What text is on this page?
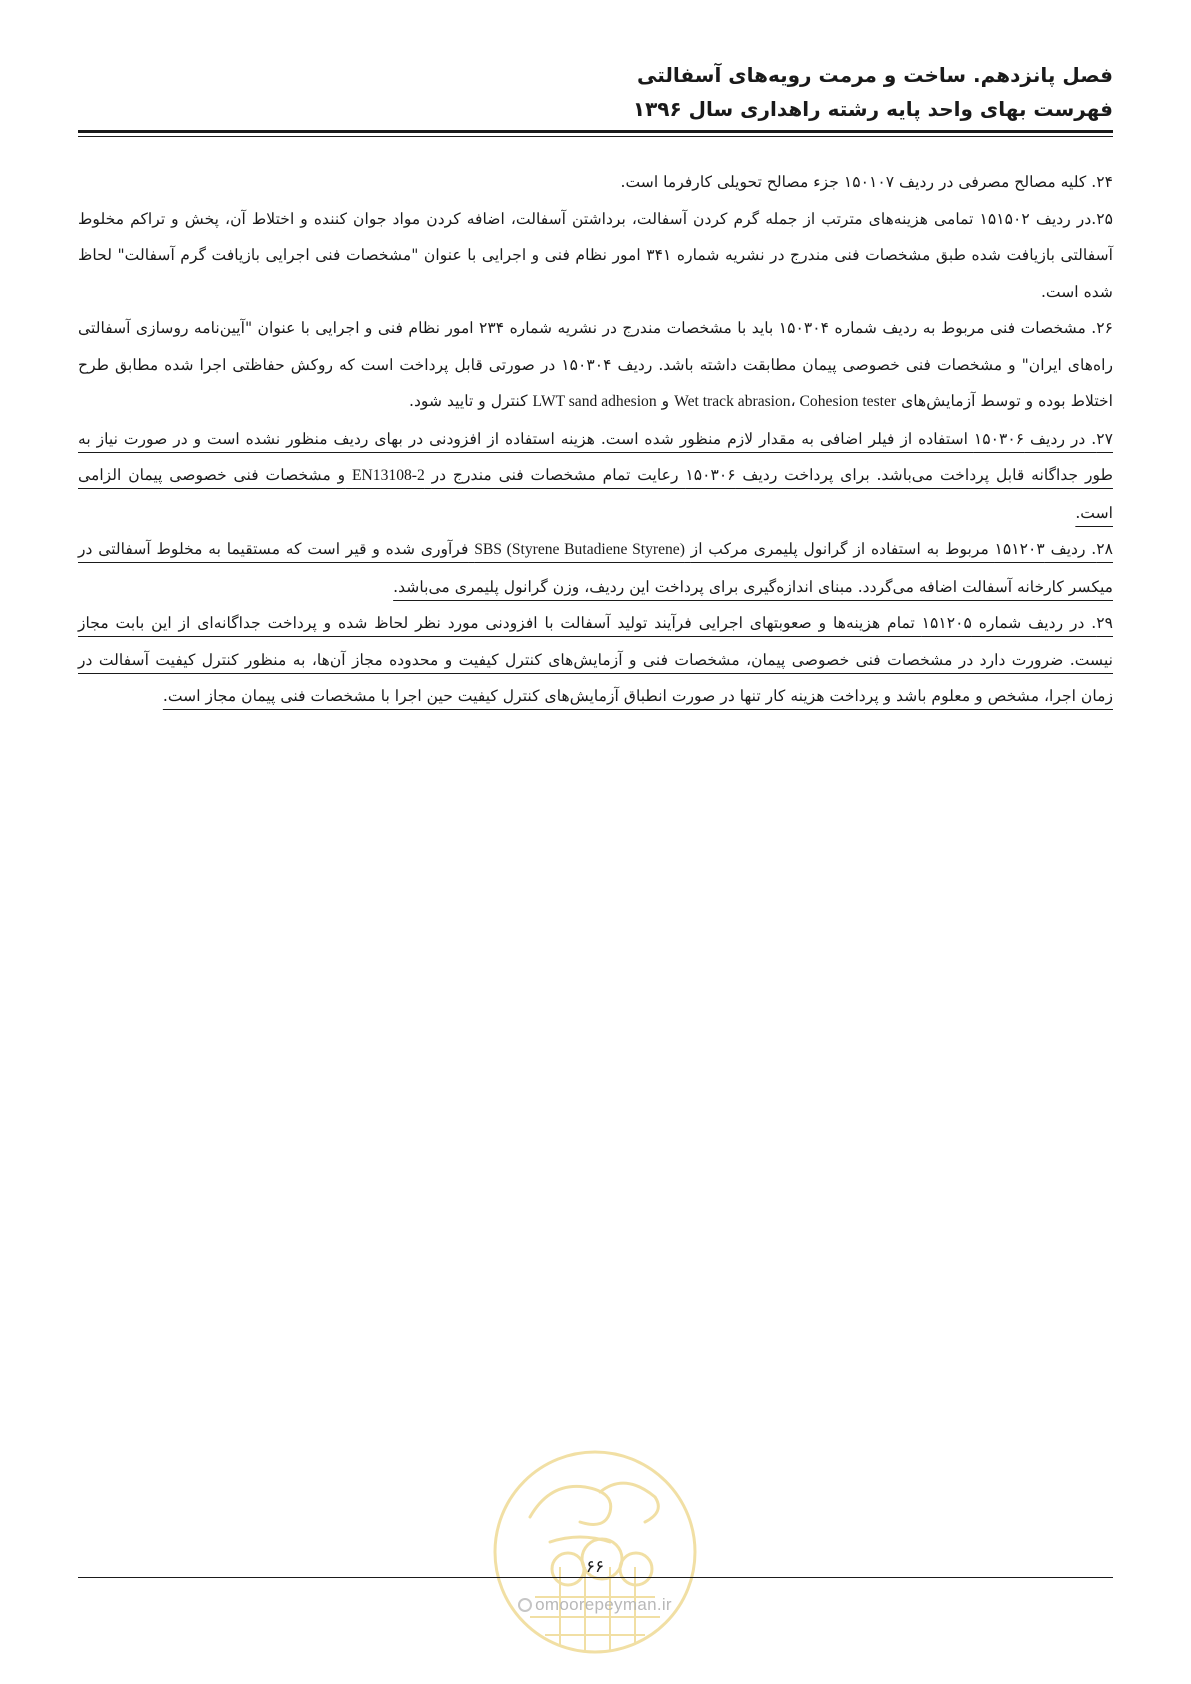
فصل پانزدهم. ساخت و مرمت رویه‌های آسفالتی
فهرست بهای واحد پایه رشته راهداری سال ۱۳۹۶

۲۴. کلیه مصالح مصرفی در ردیف ۱۵۰۱۰۷ جزء مصالح تحویلی کارفرما است.

۲۵.در ردیف ۱۵۱۵۰۲ تمامی هزینه‌های مترتب از جمله گرم کردن آسفالت، برداشتن آسفالت، اضافه کردن مواد جوان کننده و اختلاط آن، پخش و تراکم مخلوط آسفالتی بازیافت شده طبق مشخصات فنی مندرج در نشریه شماره ۳۴۱ امور نظام فنی و اجرایی با عنوان "مشخصات فنی اجرایی بازیافت گرم آسفالت" لحاظ شده است.

۲۶. مشخصات فنی مربوط به ردیف شماره ۱۵۰۳۰۴ باید با مشخصات مندرج در نشریه شماره ۲۳۴ امور نظام فنی و اجرایی با عنوان "آیین‌نامه روسازی آسفالتی راه‌های ایران" و مشخصات فنی خصوصی پیمان مطابقت داشته باشد. ردیف ۱۵۰۳۰۴ در صورتی قابل پرداخت است که روکش حفاظتی اجرا شده مطابق طرح اختلاط بوده و توسط آزمایش‌های Wet track abrasion، Cohesion tester و LWT sand adhesion کنترل و تایید شود.

۲۷. در ردیف ۱۵۰۳۰۶ استفاده از فیلر اضافی به مقدار لازم منظور شده است. هزینه استفاده از افزودنی در بهای ردیف منظور نشده است و در صورت نیاز به طور جداگانه قابل پرداخت می‌باشد. برای پرداخت ردیف ۱۵۰۳۰۶ رعایت تمام مشخصات فنی مندرج در EN13108-2 و مشخصات فنی خصوصی پیمان الزامی است.

۲۸. ردیف ۱۵۱۲۰۳ مربوط به استفاده از گرانول پلیمری مرکب از SBS (Styrene Butadiene Styrene) فرآوری شده و قیر است که مستقیما به مخلوط آسفالتی در میکسر کارخانه آسفالت اضافه می‌گردد. مبنای اندازه‌گیری برای پرداخت این ردیف، وزن گرانول پلیمری می‌باشد.

۲۹. در ردیف شماره ۱۵۱۲۰۵ تمام هزینه‌ها و صعوبتهای اجرایی فرآیند تولید آسفالت با افزودنی مورد نظر لحاظ شده و پرداخت جداگانه‌ای از این بابت مجاز نیست. ضرورت دارد در مشخصات فنی خصوصی پیمان، مشخصات فنی و آزمایش‌های کنترل کیفیت و محدوده مجاز آن‌ها، به منظور کنترل کیفیت آسفالت در زمان اجرا، مشخص و معلوم باشد و پرداخت هزینه کار تنها در صورت انطباق آزمایش‌های کنترل کیفیت حین اجرا با مشخصات فنی پیمان مجاز است.

۶۶
omoorepeyman.ir
